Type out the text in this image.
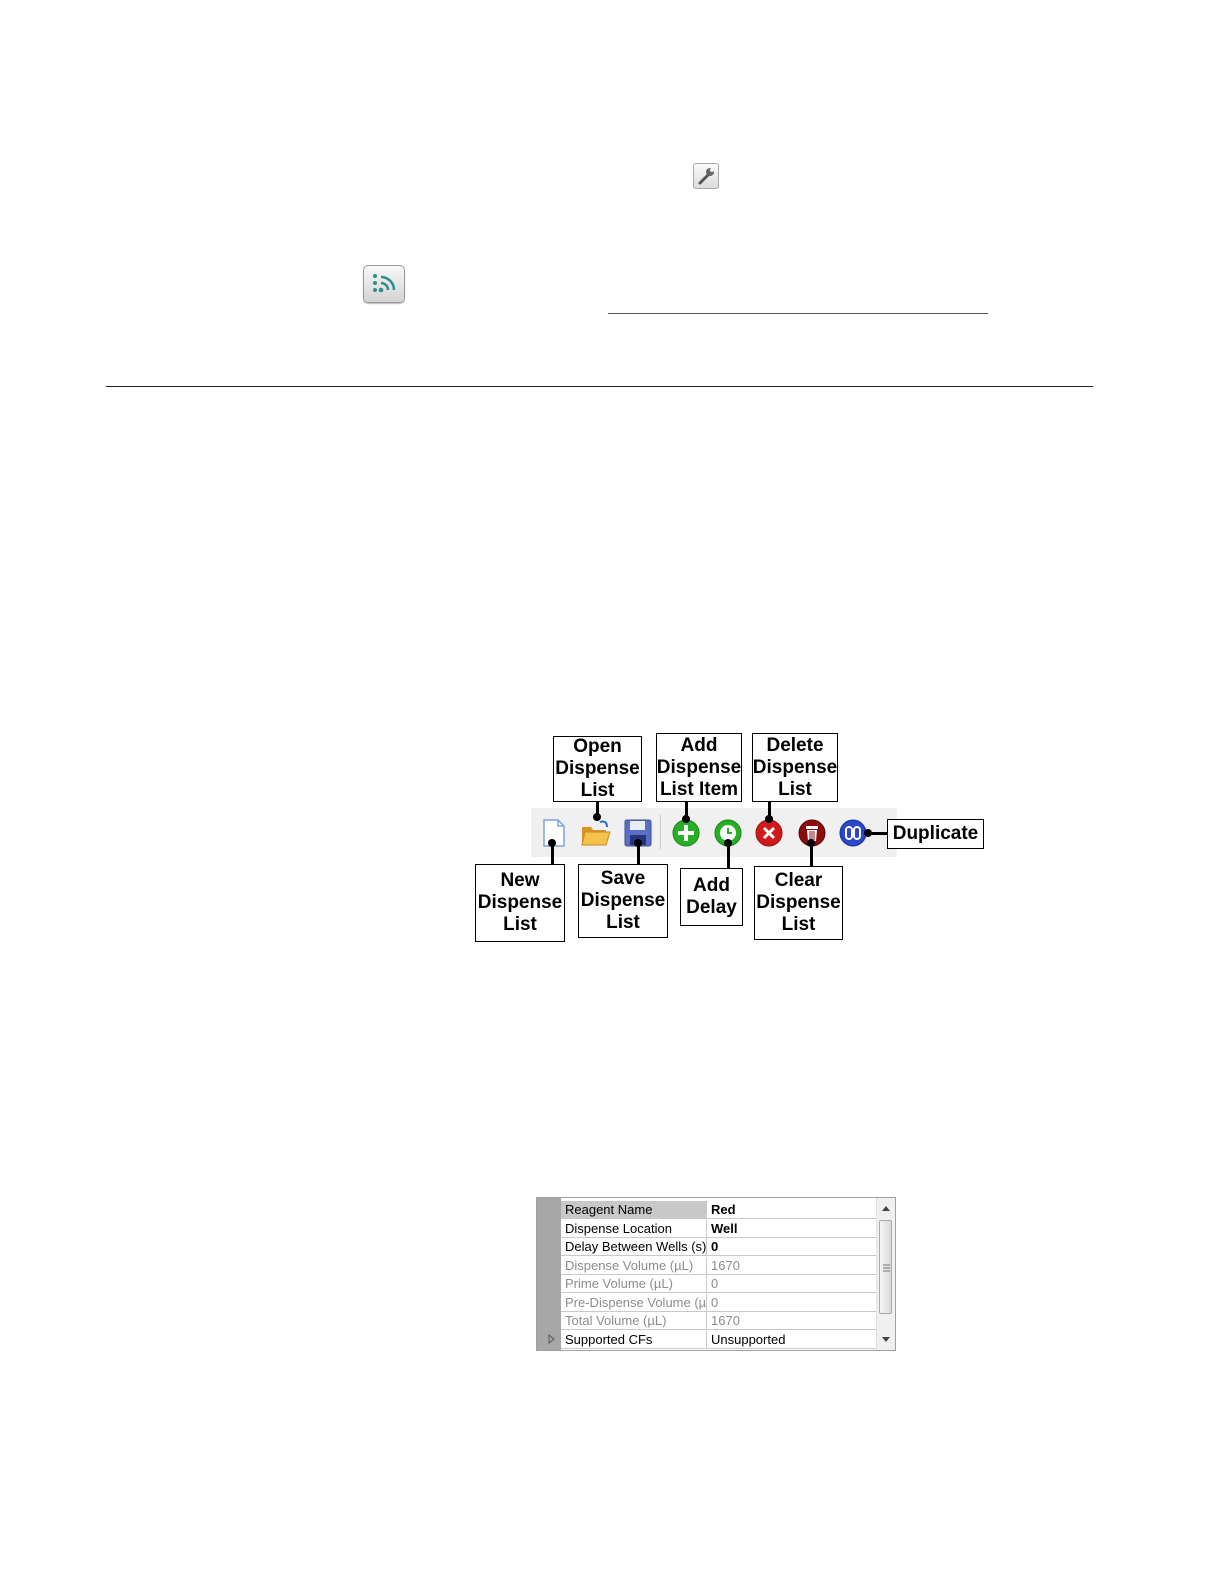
Open
Dispense
List
Add
Dispense
List Item
Delete
Dispense
List
Duplicate
New
Dispense
List
Save
Dispense
List
Add
Delay
Clear
Dispense
List
Reagent Name	Red
Dispense Location	Well
Delay Between Wells (s) 0
Dispense Volume (µL)	1670
Prime Volume (µL)	0
Pre-Dispense Volume (µ 0
Total Volume (µL)	1670
Supported CFs	Unsupported
